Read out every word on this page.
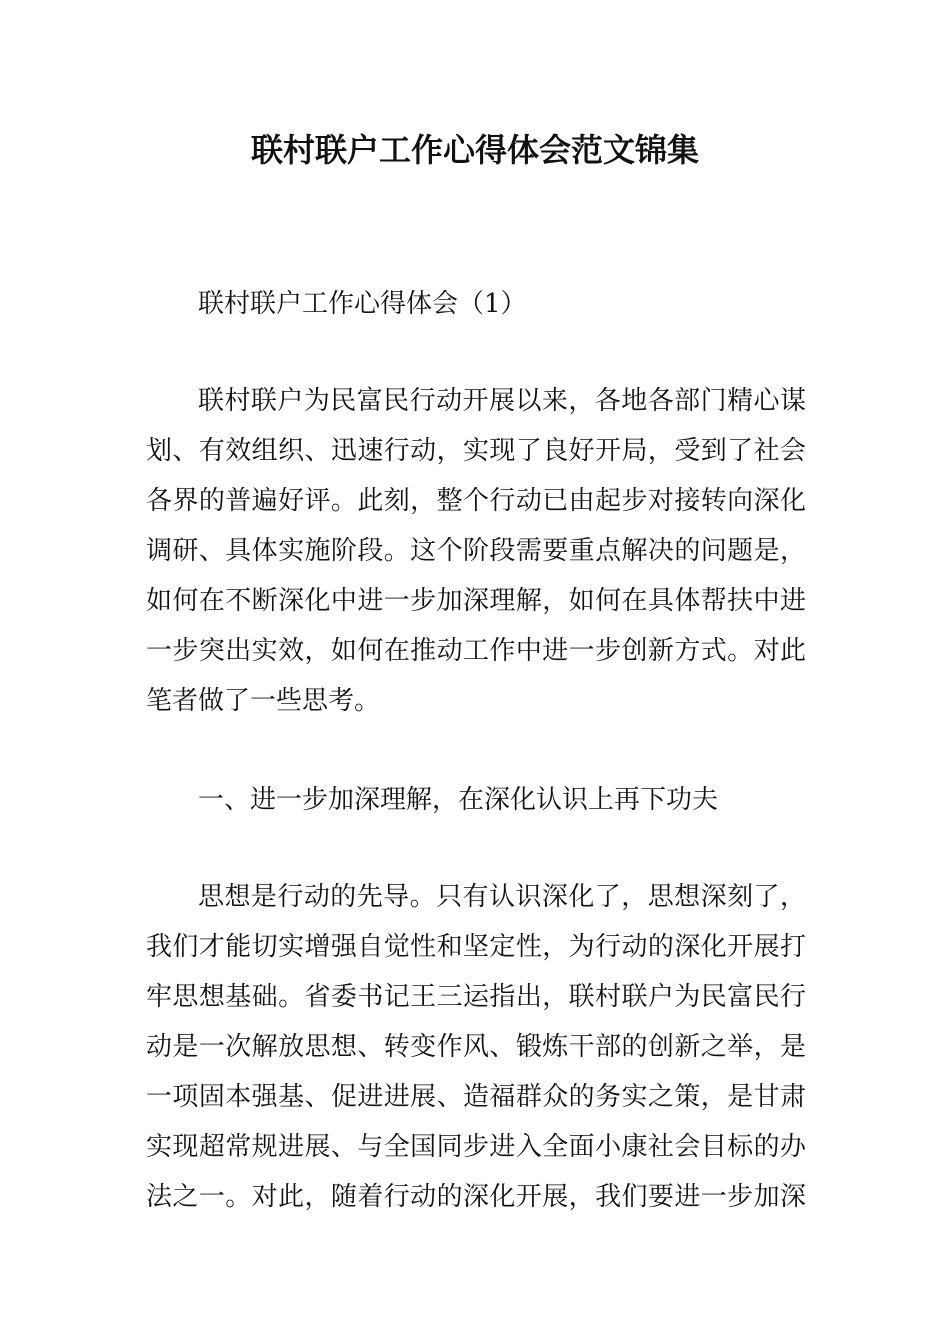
联村联户工作心得体会范文锦集
联村联户工作心得体会（1）
联村联户为民富民行动开展以来，各地各部门精心谋
划、有效组织、迅速行动，实现了良好开局，受到了社会
各界的普遍好评。此刻，整个行动已由起步对接转向深化
调研、具体实施阶段。这个阶段需要重点解决的问题是，
如何在不断深化中进一步加深理解，如何在具体帮扶中进
一步突出实效，如何在推动工作中进一步创新方式。对此
笔者做了一些思考。
一、进一步加深理解，在深化认识上再下功夫
思想是行动的先导。只有认识深化了，思想深刻了，
我们才能切实增强自觉性和坚定性，为行动的深化开展打
牢思想基础。省委书记王三运指出，联村联户为民富民行
动是一次解放思想、转变作风、锻炼干部的创新之举，是
一项固本强基、促进进展、造福群众的务实之策，是甘肃
实现超常规进展、与全国同步进入全面小康社会目标的办
法之一。对此，随着行动的深化开展，我们要进一步加深
